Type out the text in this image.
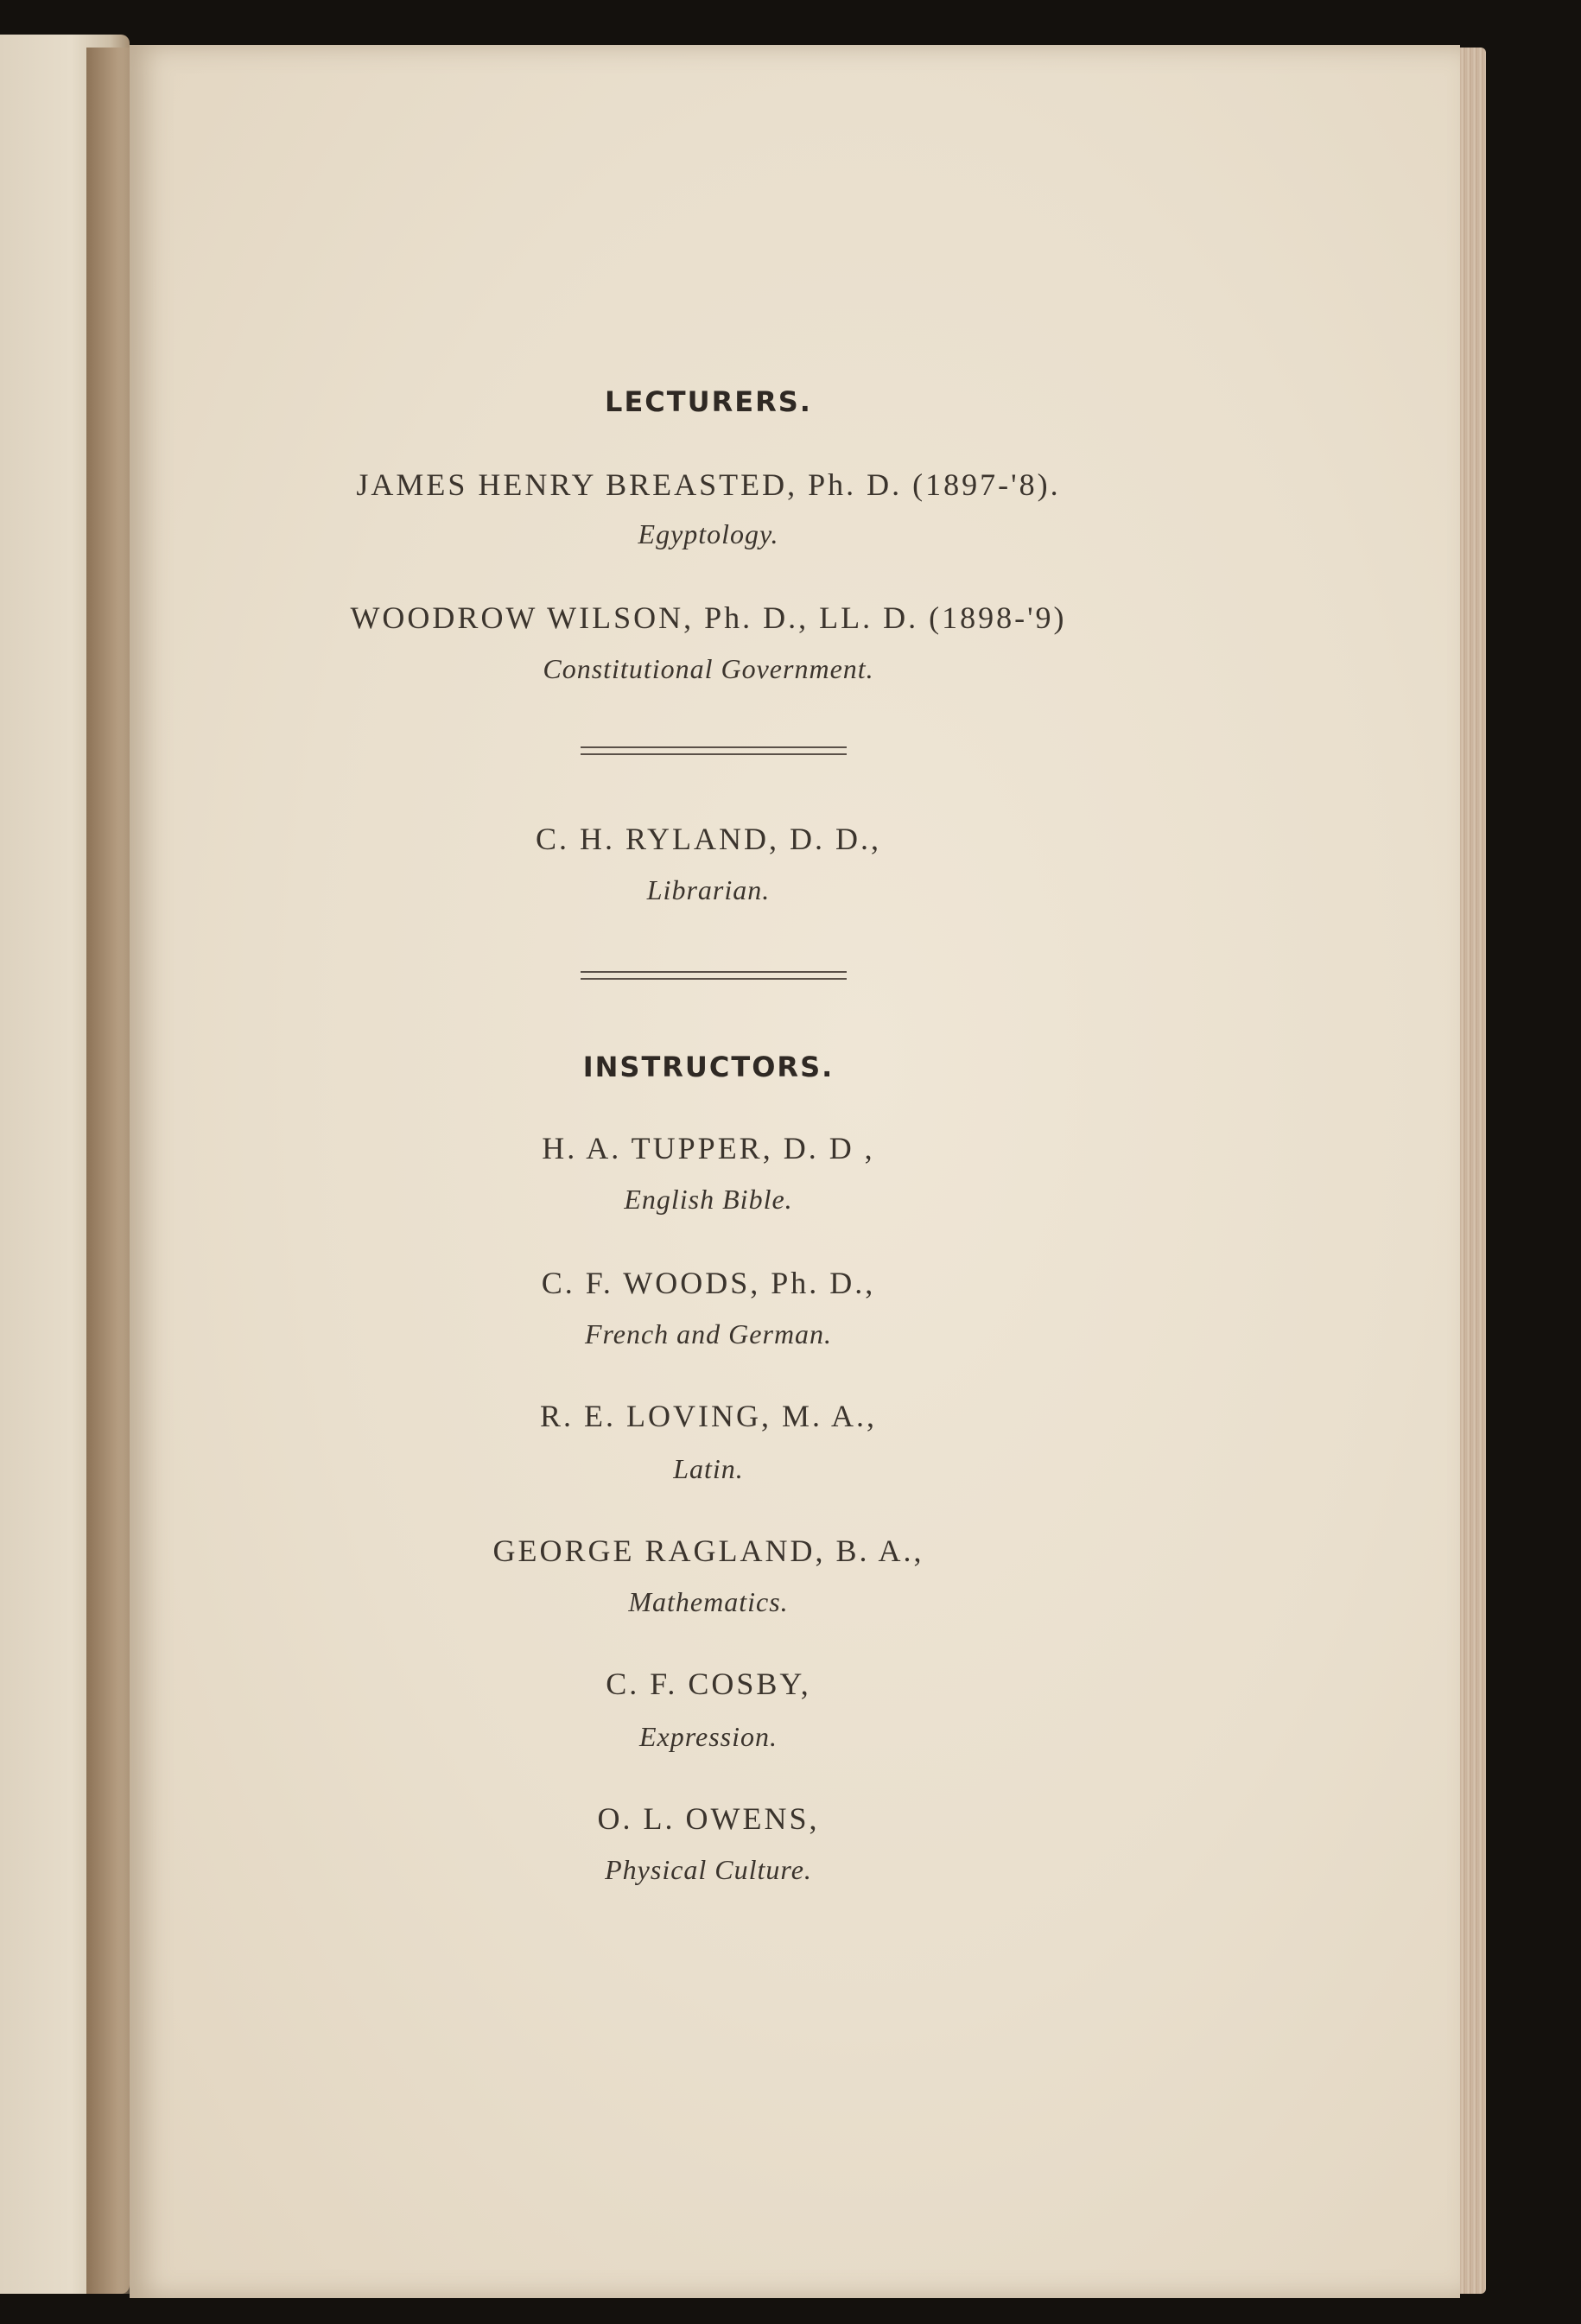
LECTURERS.
JAMES HENRY BREASTED, Ph. D. (1897-'8).
Egyptology.
WOODROW WILSON, Ph. D., LL. D. (1898-'9)
Constitutional Government.
C. H. RYLAND, D. D.,
Librarian.
INSTRUCTORS.
H. A. TUPPER, D. D ,
English Bible.
C. F. WOODS, Ph. D.,
French and German.
R. E. LOVING, M. A.,
Latin.
GEORGE RAGLAND, B. A.,
Mathematics.
C. F. COSBY,
Expression.
O. L. OWENS,
Physical Culture.
